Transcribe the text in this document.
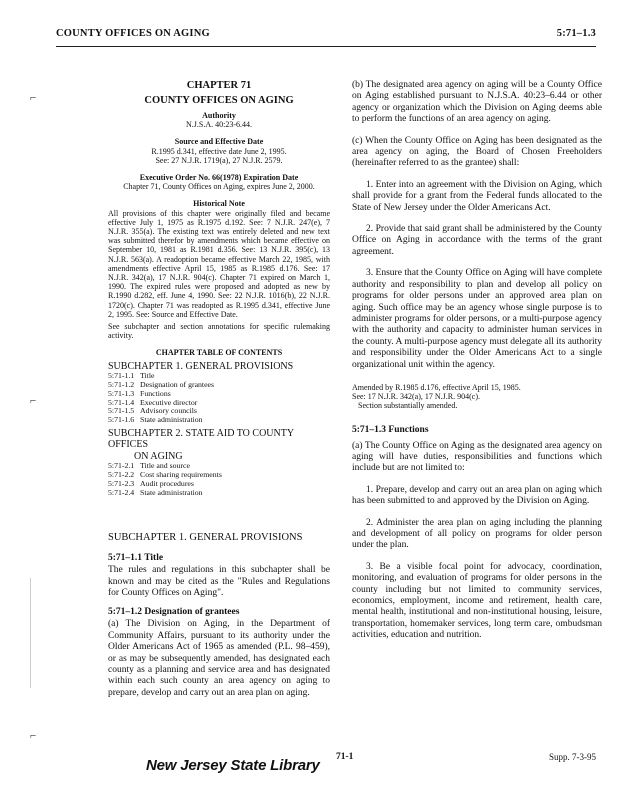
COUNTY OFFICES ON AGING	5:71–1.3
⌐
⌐
⌐
CHAPTER 71
COUNTY OFFICES ON AGING
Authority
N.J.S.A. 40:23-6.44.
Source and Effective Date
R.1995 d.341, effective date June 2, 1995.
See: 27 N.J.R. 1719(a), 27 N.J.R. 2579.
Executive Order No. 66(1978) Expiration Date
Chapter 71, County Offices on Aging, expires June 2, 2000.
Historical Note

All provisions of this chapter were originally filed and became effective July 1, 1975 as R.1975 d.192. See: 7 N.J.R. 247(e), 7 N.J.R. 355(a). The existing text was entirely deleted and new text was submitted therefor by amendments which became effective on September 10, 1981 as R.1981 d.356. See: 13 N.J.R. 395(c), 13 N.J.R. 563(a). A readoption became effective March 22, 1985, with amendments effective April 15, 1985 as R.1985 d.176. See: 17 N.J.R. 342(a), 17 N.J.R. 904(c). Chapter 71 expired on March 1, 1990. The expired rules were proposed and adopted as new by R.1990 d.282, eff. June 4, 1990. See: 22 N.J.R. 1016(b), 22 N.J.R. 1720(c). Chapter 71 was readopted as R.1995 d.341, effective June 2, 1995. See: Source and Effective Date.

See subchapter and section annotations for specific rulemaking activity.

CHAPTER TABLE OF CONTENTS
SUBCHAPTER 1. GENERAL PROVISIONS
5:71-1.1 Title
5:71-1.2 Designation of grantees
5:71-1.3 Functions
5:71-1.4 Executive director
5:71-1.5 Advisory councils
5:71-1.6 State administration
SUBCHAPTER 2. STATE AID TO COUNTY OFFICES
ON AGING
5:71-2.1 Title and source
5:71-2.2 Cost sharing requirements
5:71-2.3 Audit procedures
5:71-2.4 State administration
SUBCHAPTER 1. GENERAL PROVISIONS
5:71–1.1 Title

The rules and regulations in this subchapter shall be known and may be cited as the "Rules and Regulations for County Offices on Aging".

5:71–1.2 Designation of grantees

(a) The Division on Aging, in the Department of Community Affairs, pursuant to its authority under the Older Americans Act of 1965 as amended (P.L. 98–459), or as may be subsequently amended, has designated each county as a planning and service area and has designated within each such county an area agency on aging to prepare, develop and carry out an area plan on aging.

(b) The designated area agency on aging will be a County Office on Aging established pursuant to N.J.S.A. 40:23–6.44 or other agency or organization which the Division on Aging deems able to perform the functions of an area agency on aging.

(c) When the County Office on Aging has been designated as the area agency on aging, the Board of Chosen Freeholders (hereinafter referred to as the grantee) shall:

1. Enter into an agreement with the Division on Aging, which shall provide for a grant from the Federal funds allocated to the State of New Jersey under the Older Americans Act.

2. Provide that said grant shall be administered by the County Office on Aging in accordance with the terms of the grant agreement.

3. Ensure that the County Office on Aging will have complete authority and responsibility to plan and develop all policy on programs for older persons under an approved area plan on aging. Such office may be an agency whose single purpose is to administer programs for older persons, or a multi-purpose agency with the authority and capacity to administer human services in the county. A multi-purpose agency must delegate all its authority and responsibility under the Older Americans Act to a single organizational unit within the agency.

Amended by R.1985 d.176, effective April 15, 1985.
See: 17 N.J.R. 342(a), 17 N.J.R. 904(c).
Section substantially amended.
5:71–1.3 Functions

(a) The County Office on Aging as the designated area agency on aging will have duties, responsibilities and functions which include but are not limited to:

1. Prepare, develop and carry out an area plan on aging which has been submitted to and approved by the Division on Aging.

2. Administer the area plan on aging including the planning and development of all policy on programs for older person under the plan.

3. Be a visible focal point for advocacy, coordination, monitoring, and evaluation of programs for older persons in the county including but not limited to community services, economics, employment, income and retirement, health care, mental health, institutional and non-institutional housing, leisure, transportation, homemaker services, long term care, ombudsman activities, education and nutrition.

New Jersey State Library 71-1	Supp. 7-3-95
